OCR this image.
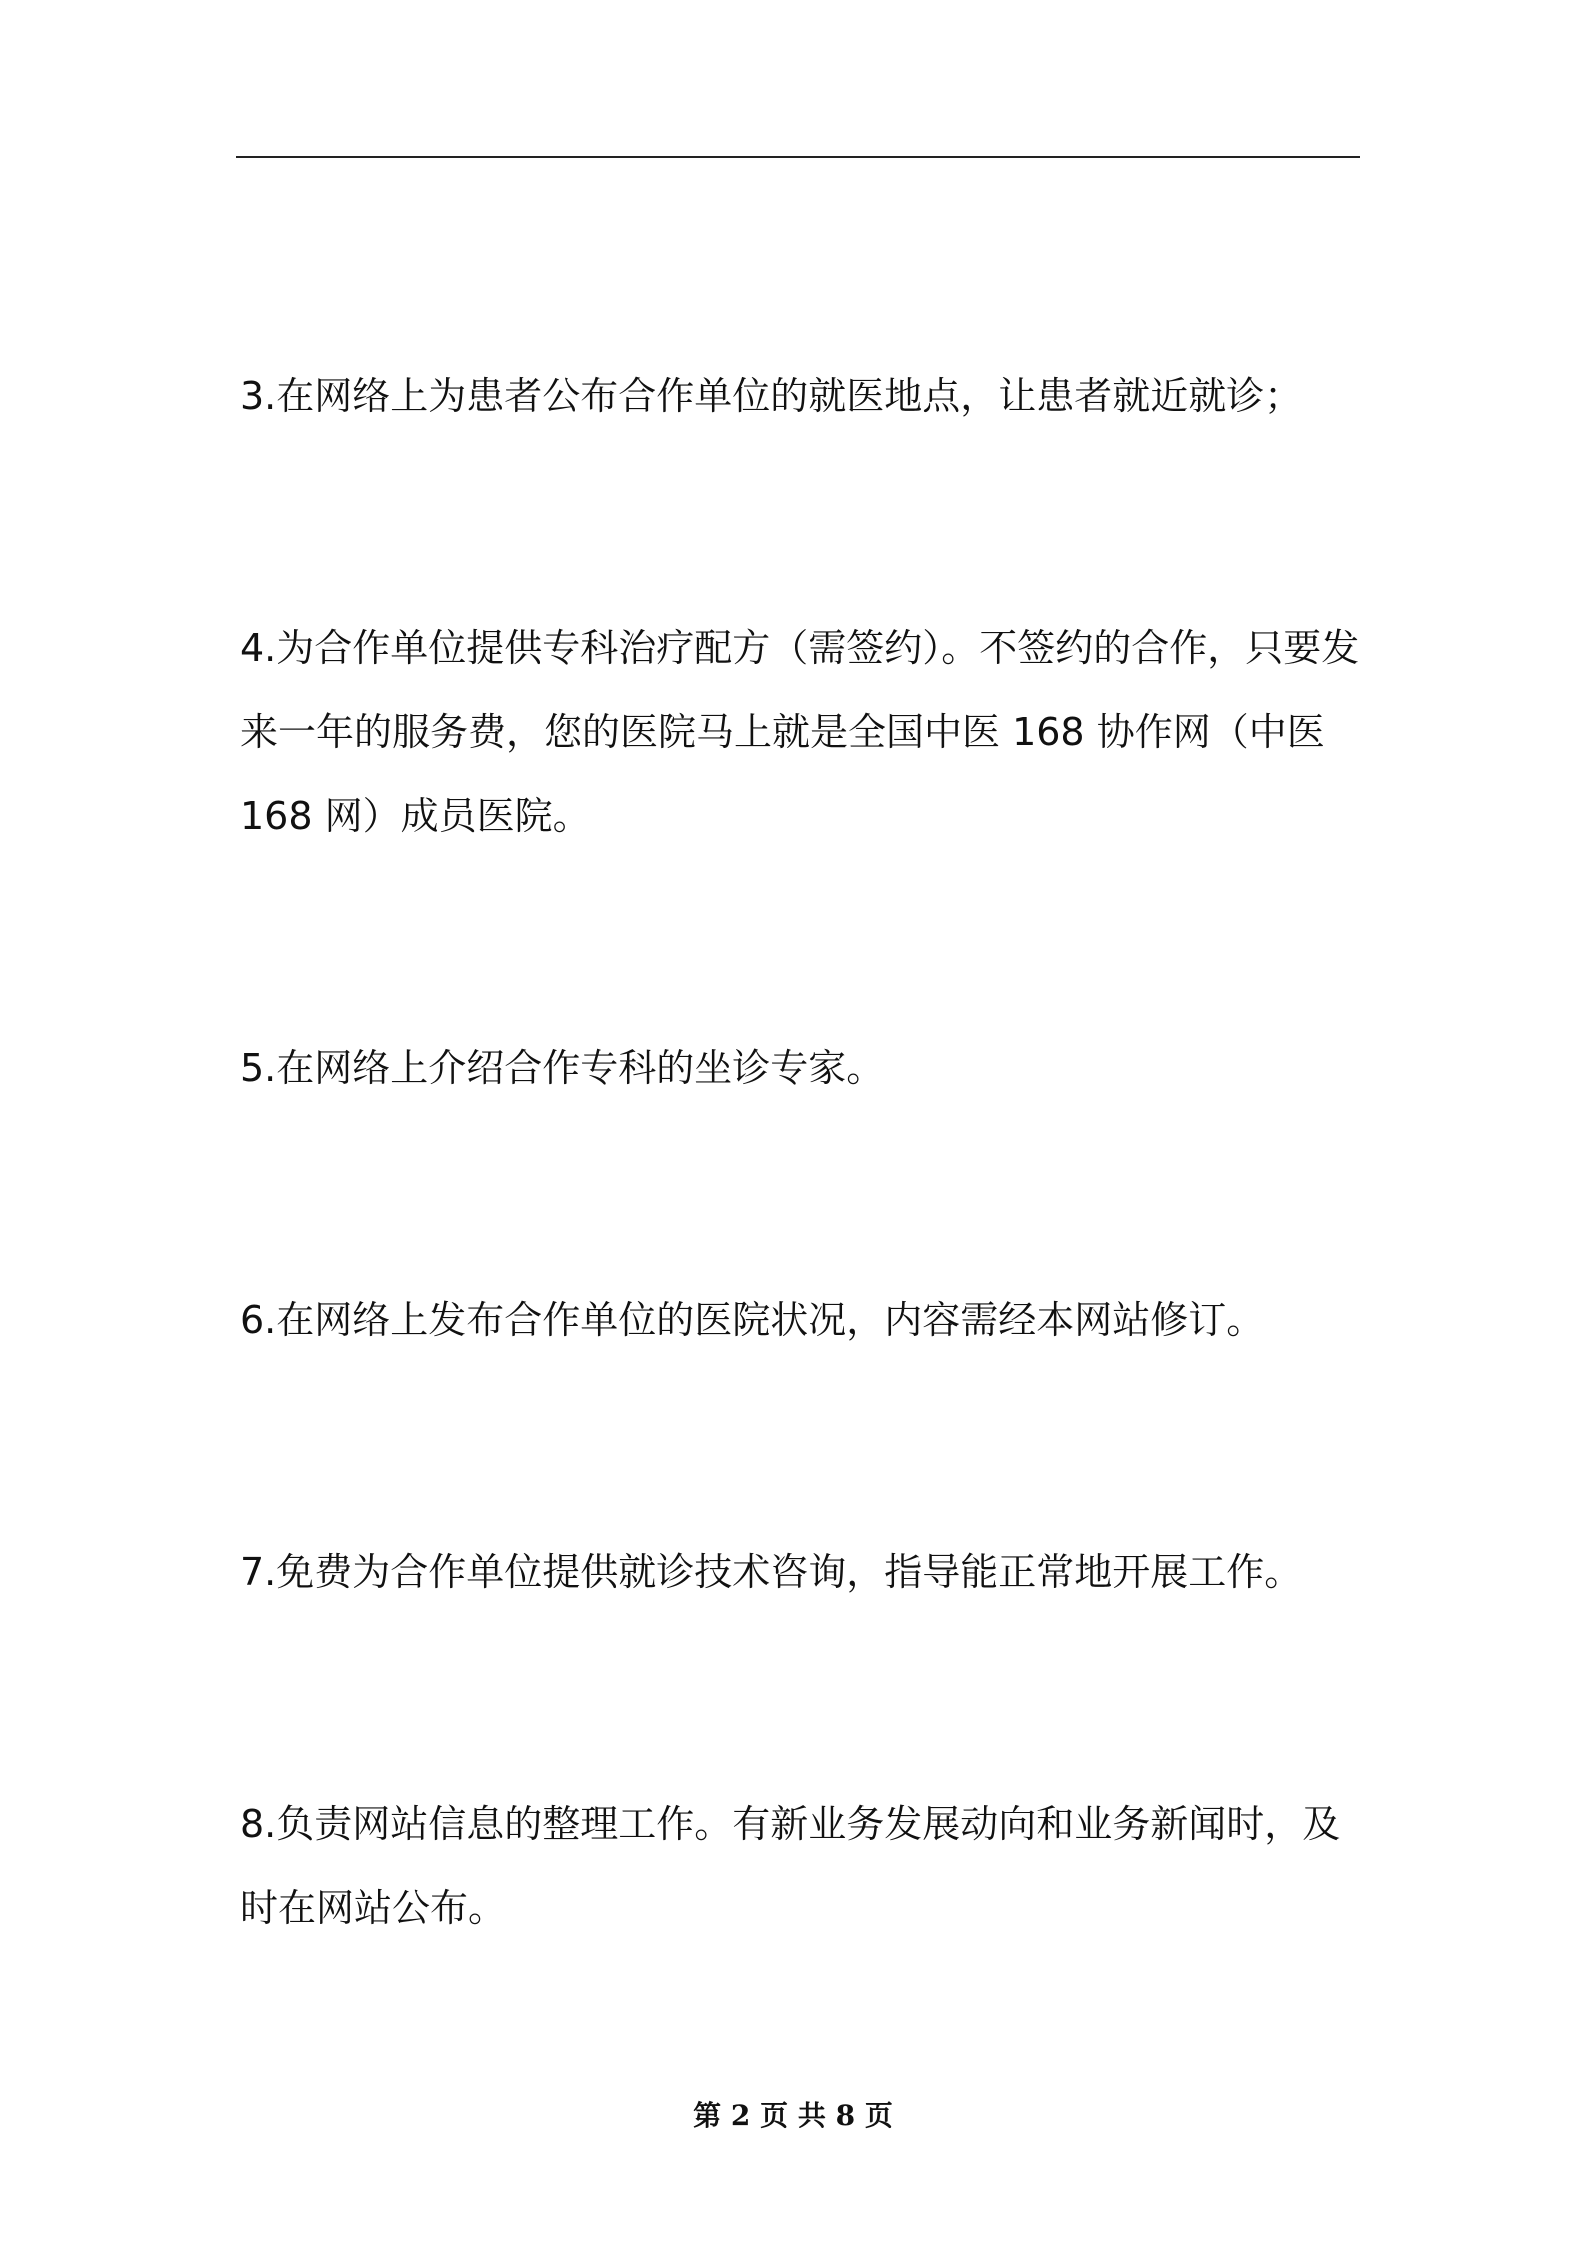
3.在网络上为患者公布合作单位的就医地点，让患者就近就诊；

4.为合作单位提供专科治疗配方（需签约）。不签约的合作，只要发来一年的服务费，您的医院马上就是全国中医 168 协作网（中医 168 网）成员医院。

5.在网络上介绍合作专科的坐诊专家。

6.在网络上发布合作单位的医院状况，内容需经本网站修订。

7.免费为合作单位提供就诊技术咨询，指导能正常地开展工作。

8.负责网站信息的整理工作。有新业务发展动向和业务新闻时，及时在网站公布。

第 2 页 共 8 页
